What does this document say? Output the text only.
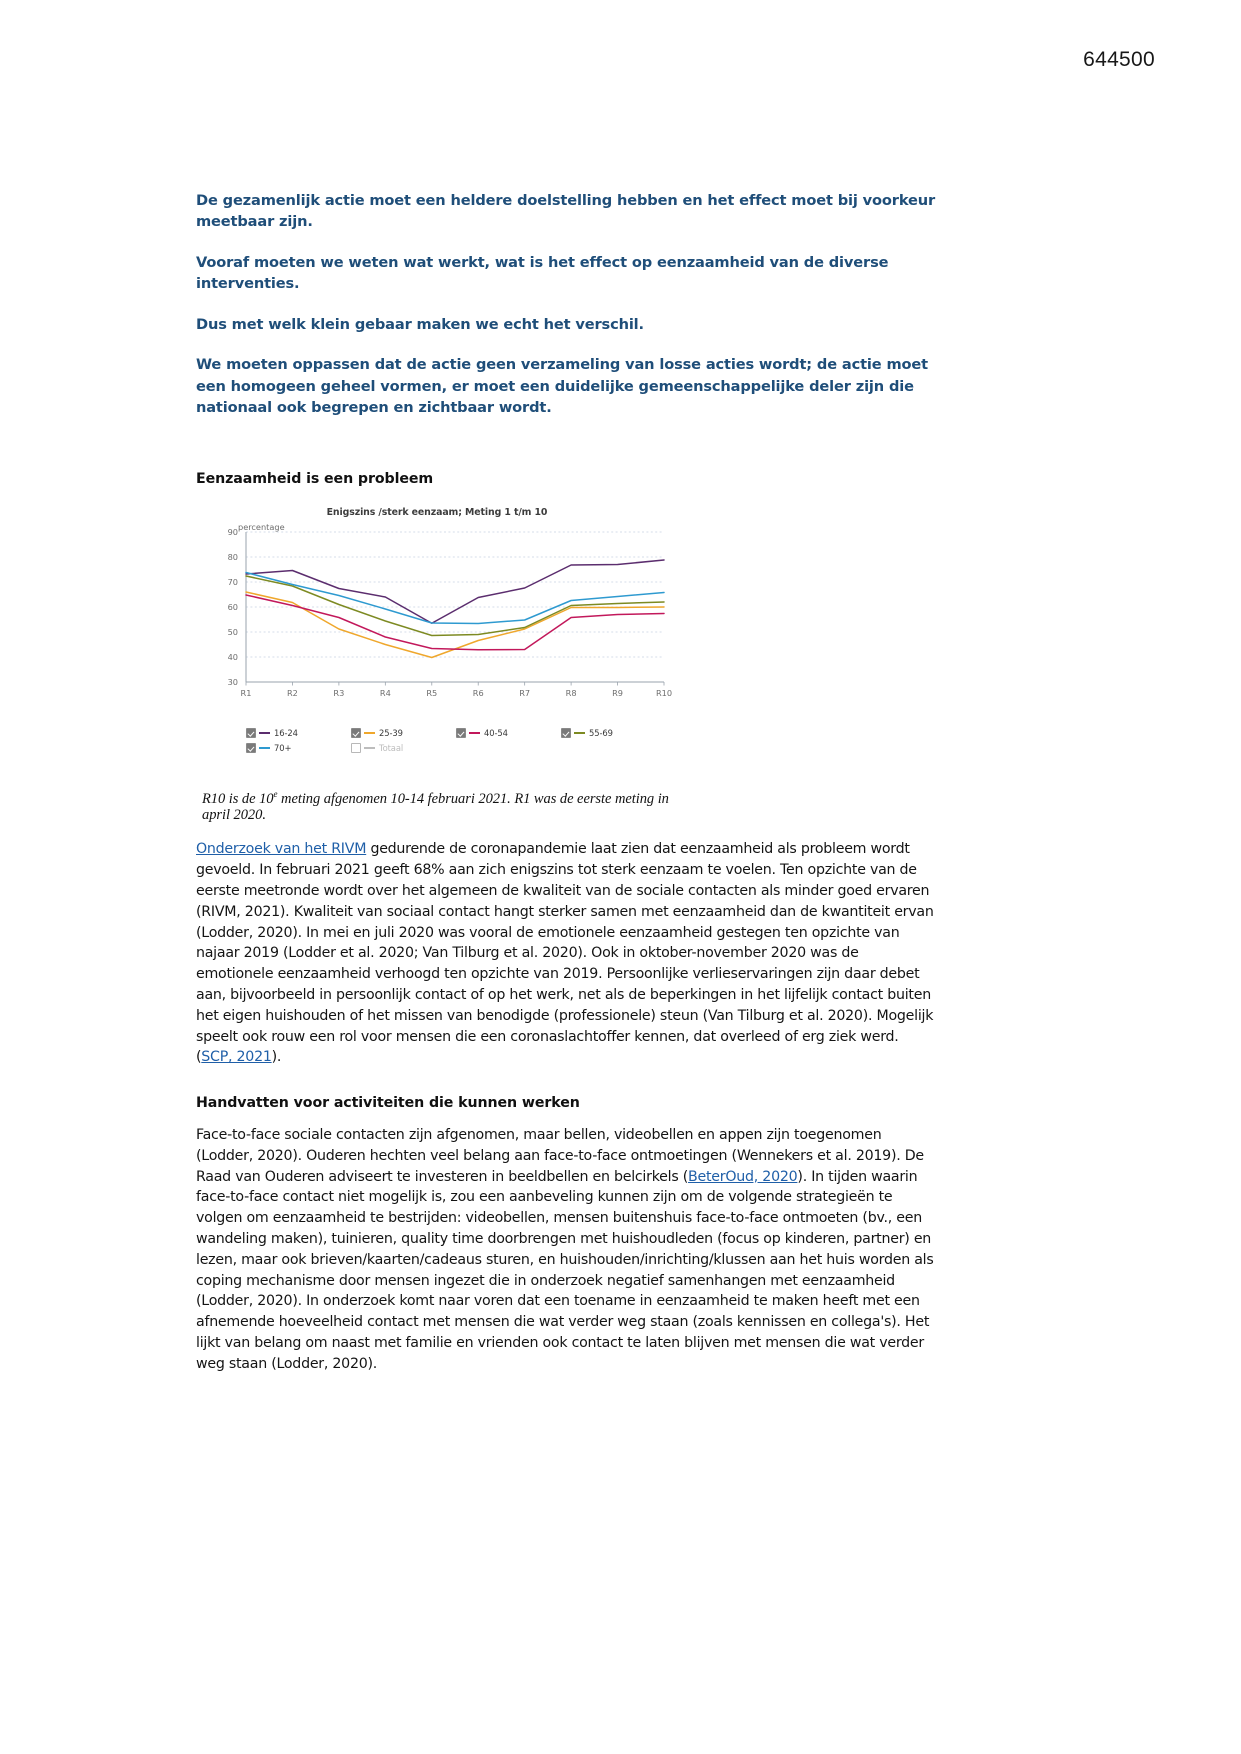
644500

De gezamenlijk actie moet een heldere doelstelling hebben en het effect moet bij voorkeur meetbaar zijn.

Vooraf moeten we weten wat werkt, wat is het effect op eenzaamheid van de diverse interventies.

Dus met welk klein gebaar maken we echt het verschil.

We moeten oppassen dat de actie geen verzameling van losse acties wordt; de actie moet een homogeen geheel vormen, er moet een duidelijke gemeenschappelijke deler zijn die nationaal ook begrepen en zichtbaar wordt.

Eenzaamheid is een probleem
Enigszins /sterk eenzaam; Meting 1 t/m 10
percentage
30
40
50
60
70
80
90
R1	R2	R3	R4	R5	R6	R7	R8	R9	R10
16-24	25-39	40-54	55-69
70+	Totaal
R10 is de 10e meting afgenomen 10-14 februari 2021. R1 was de eerste meting in april 2020.

Onderzoek van het RIVM gedurende de coronapandemie laat zien dat eenzaamheid als probleem wordt gevoeld. In februari 2021 geeft 68% aan zich enigszins tot sterk eenzaam te voelen. Ten opzichte van de eerste meetronde wordt over het algemeen de kwaliteit van de sociale contacten als minder goed ervaren (RIVM, 2021). Kwaliteit van sociaal contact hangt sterker samen met eenzaamheid dan de kwantiteit ervan (Lodder, 2020). In mei en juli 2020 was vooral de emotionele eenzaamheid gestegen ten opzichte van najaar 2019 (Lodder et al. 2020; Van Tilburg et al. 2020). Ook in oktober-november 2020 was de emotionele eenzaamheid verhoogd ten opzichte van 2019. Persoonlijke verlieservaringen zijn daar debet aan, bijvoorbeeld in persoonlijk contact of op het werk, net als de beperkingen in het lijfelijk contact buiten het eigen huishouden of het missen van benodigde (professionele) steun (Van Tilburg et al. 2020). Mogelijk speelt ook rouw een rol voor mensen die een coronaslachtoffer kennen, dat overleed of erg ziek werd. (SCP, 2021).

Handvatten voor activiteiten die kunnen werken

Face-to-face sociale contacten zijn afgenomen, maar bellen, videobellen en appen zijn toegenomen (Lodder, 2020). Ouderen hechten veel belang aan face-to-face ontmoetingen (Wennekers et al. 2019). De Raad van Ouderen adviseert te investeren in beeldbellen en belcirkels (BeterOud, 2020). In tijden waarin face-to-face contact niet mogelijk is, zou een aanbeveling kunnen zijn om de volgende strategieën te volgen om eenzaamheid te bestrijden: videobellen, mensen buitenshuis face-to-face ontmoeten (bv., een wandeling maken), tuinieren, quality time doorbrengen met huishoudleden (focus op kinderen, partner) en lezen, maar ook brieven/kaarten/cadeaus sturen, en huishouden/inrichting/klussen aan het huis worden als coping mechanisme door mensen ingezet die in onderzoek negatief samenhangen met eenzaamheid (Lodder, 2020). In onderzoek komt naar voren dat een toename in eenzaamheid te maken heeft met een afnemende hoeveelheid contact met mensen die wat verder weg staan (zoals kennissen en collega's). Het lijkt van belang om naast met familie en vrienden ook contact te laten blijven met mensen die wat verder weg staan (Lodder, 2020).
